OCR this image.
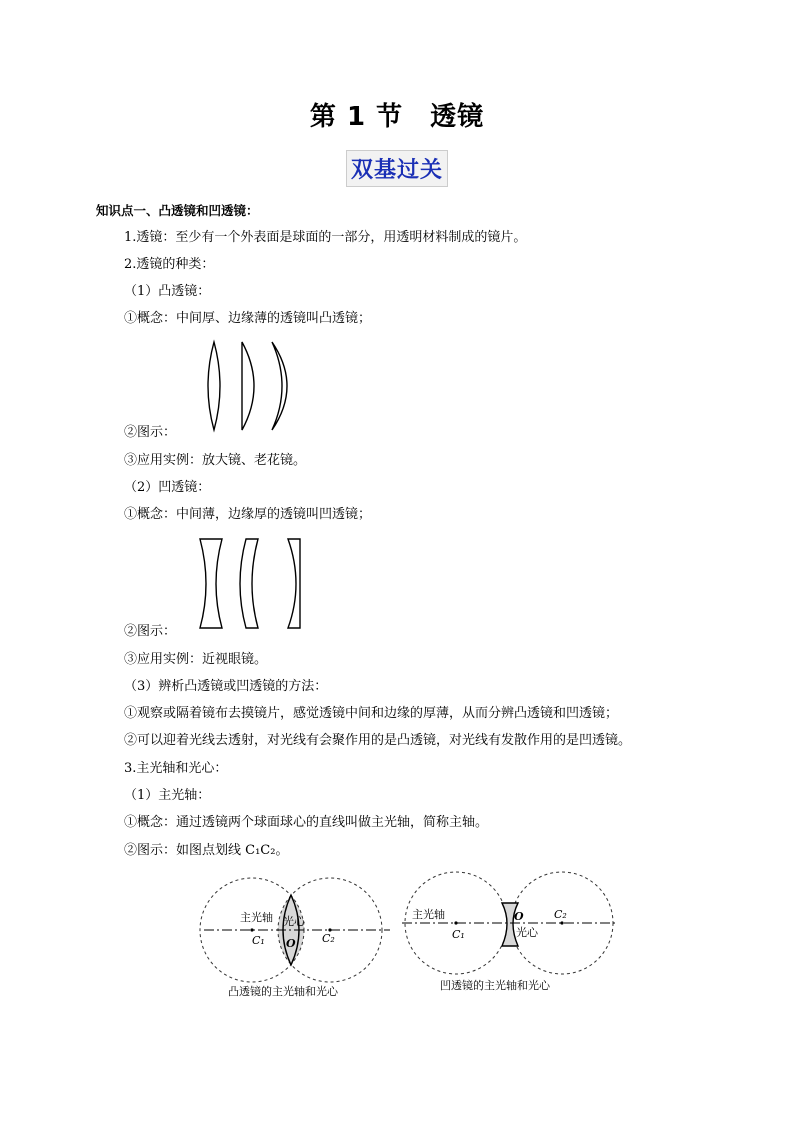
第 1 节　透镜
双基过关
知识点一、凸透镜和凹透镜：
1.透镜：至少有一个外表面是球面的一部分，用透明材料制成的镜片。
2.透镜的种类：
（1）凸透镜：
①概念：中间厚、边缘薄的透镜叫凸透镜；
②图示：
③应用实例：放大镜、老花镜。
（2）凹透镜：
①概念：中间薄，边缘厚的透镜叫凹透镜；
②图示：
③应用实例：近视眼镜。
（3）辨析凸透镜或凹透镜的方法：
①观察或隔着镜布去摸镜片，感觉透镜中间和边缘的厚薄，从而分辨凸透镜和凹透镜；
②可以迎着光线去透射，对光线有会聚作用的是凸透镜，对光线有发散作用的是凹透镜。
3.主光轴和光心：
（1）主光轴：
①概念：通过透镜两个球面球心的直线叫做主光轴，简称主轴。
②图示：如图点划线 C₁C₂。
主光轴 光心
O
C₁	C₂
凸透镜的主光轴和光心
主光轴	O
光心
C₁
C₂
凹透镜的主光轴和光心
